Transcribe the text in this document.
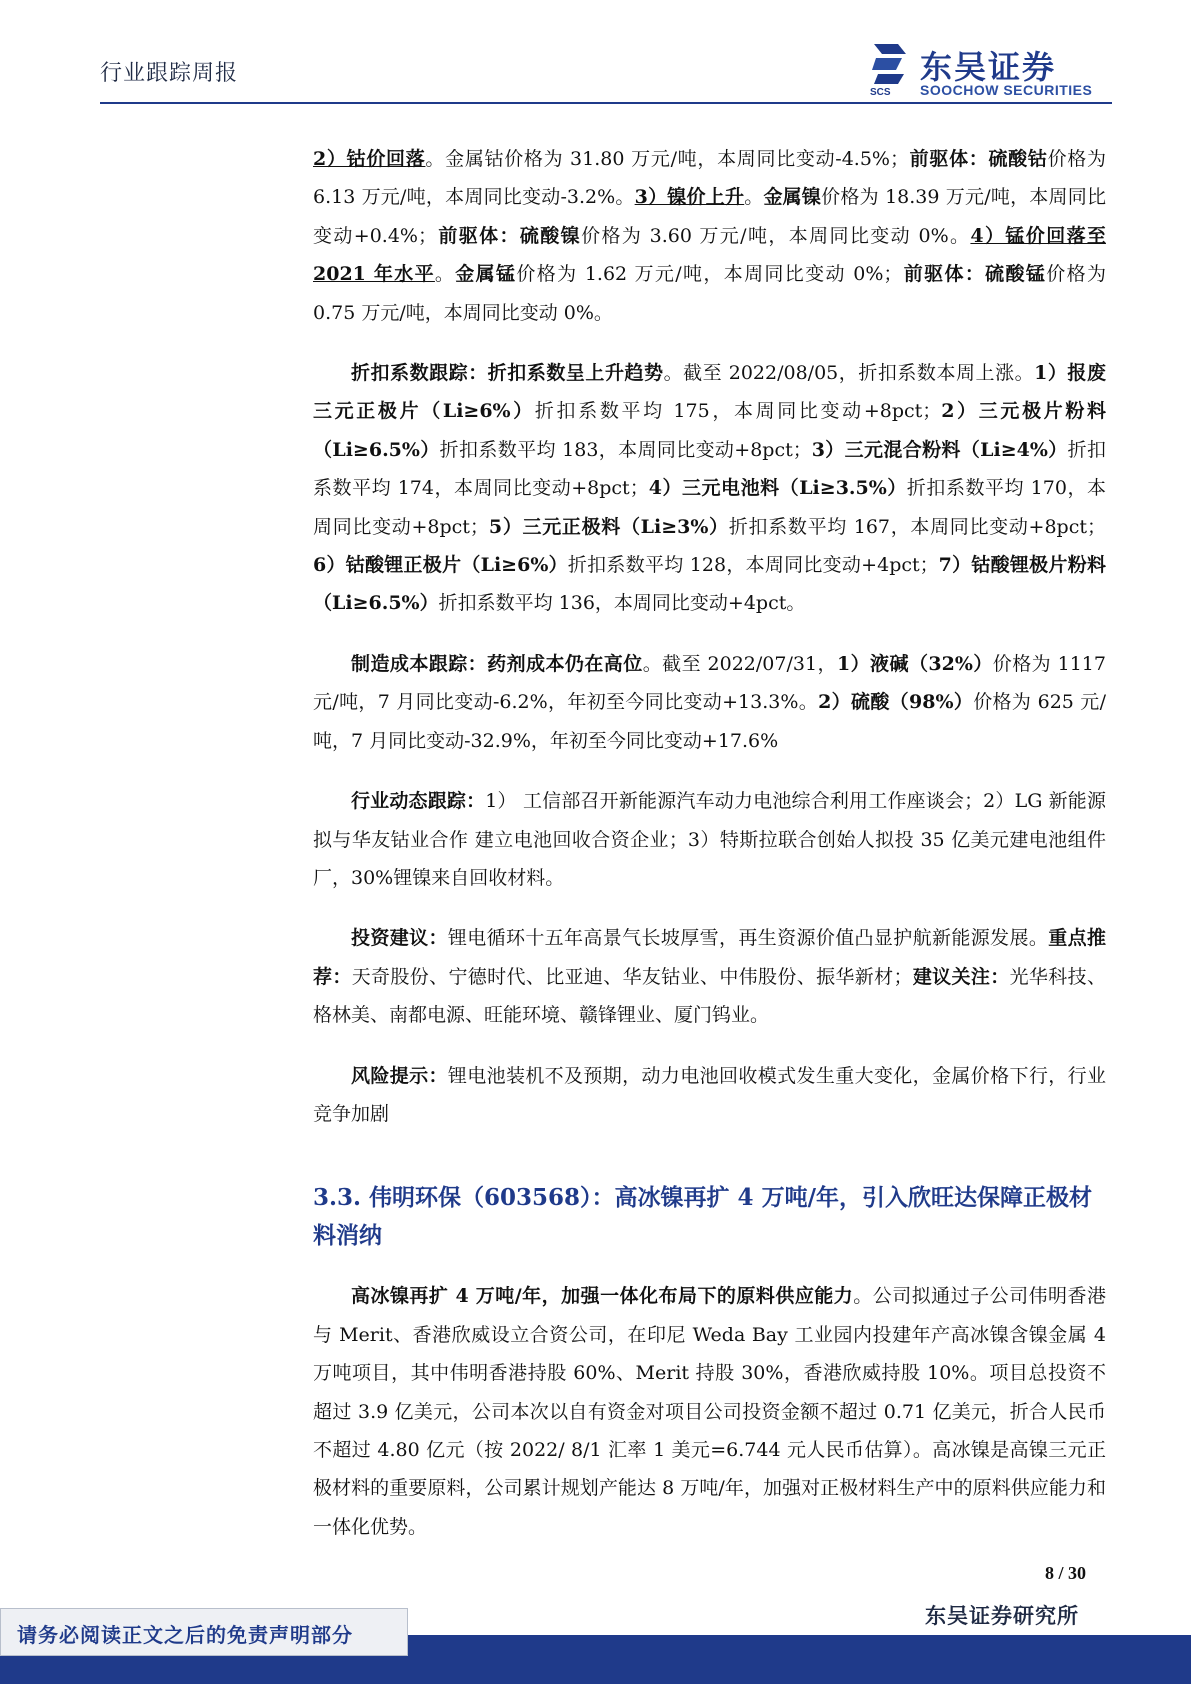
行业跟踪周报
SCS
东吴证券
SOOCHOW SECURITIES

2）钴价回落。金属钴价格为 31.80 万元/吨，本周同比变动-4.5%；前驱体：硫酸钴价格为 6.13 万元/吨，本周同比变动-3.2%。3）镍价上升。金属镍价格为 18.39 万元/吨，本周同比变动+0.4%；前驱体：硫酸镍价格为 3.60 万元/吨，本周同比变动 0%。4）锰价回落至 2021 年水平。金属锰价格为 1.62 万元/吨，本周同比变动 0%；前驱体：硫酸锰价格为 0.75 万元/吨，本周同比变动 0%。

折扣系数跟踪：折扣系数呈上升趋势。截至 2022/08/05，折扣系数本周上涨。1）报废三元正极片（Li≥6%）折扣系数平均 175，本周同比变动+8pct；2）三元极片粉料（Li≥6.5%）折扣系数平均 183，本周同比变动+8pct；3）三元混合粉料（Li≥4%）折扣系数平均 174，本周同比变动+8pct；4）三元电池料（Li≥3.5%）折扣系数平均 170，本周同比变动+8pct；5）三元正极料（Li≥3%）折扣系数平均 167，本周同比变动+8pct；6）钴酸锂正极片（Li≥6%）折扣系数平均 128，本周同比变动+4pct；7）钴酸锂极片粉料（Li≥6.5%）折扣系数平均 136，本周同比变动+4pct。

制造成本跟踪：药剂成本仍在高位。截至 2022/07/31，1）液碱（32%）价格为 1117 元/吨，7 月同比变动-6.2%，年初至今同比变动+13.3%。2）硫酸（98%）价格为 625 元/吨，7 月同比变动-32.9%，年初至今同比变动+17.6%

行业动态跟踪：1） 工信部召开新能源汽车动力电池综合利用工作座谈会；2）LG 新能源拟与华友钴业合作 建立电池回收合资企业；3）特斯拉联合创始人拟投 35 亿美元建电池组件厂，30%锂镍来自回收材料。

投资建议：锂电循环十五年高景气长坡厚雪，再生资源价值凸显护航新能源发展。重点推荐：天奇股份、宁德时代、比亚迪、华友钴业、中伟股份、振华新材；建议关注：光华科技、格林美、南都电源、旺能环境、赣锋锂业、厦门钨业。

风险提示：锂电池装机不及预期，动力电池回收模式发生重大变化，金属价格下行，行业竞争加剧

3.3. 伟明环保（603568）：高冰镍再扩 4 万吨/年，引入欣旺达保障正极材料消纳

高冰镍再扩 4 万吨/年，加强一体化布局下的原料供应能力。公司拟通过子公司伟明香港与 Merit、香港欣威设立合资公司，在印尼 Weda Bay 工业园内投建年产高冰镍含镍金属 4 万吨项目，其中伟明香港持股 60%、Merit 持股 30%，香港欣威持股 10%。项目总投资不超过 3.9 亿美元，公司本次以自有资金对项目公司投资金额不超过 0.71 亿美元，折合人民币不超过 4.80 亿元（按 2022/ 8/1 汇率 1 美元=6.744 元人民币估算）。高冰镍是高镍三元正极材料的重要原料，公司累计规划产能达 8 万吨/年，加强对正极材料生产中的原料供应能力和一体化优势。

8 / 30
东吴证券研究所
请务必阅读正文之后的免责声明部分
